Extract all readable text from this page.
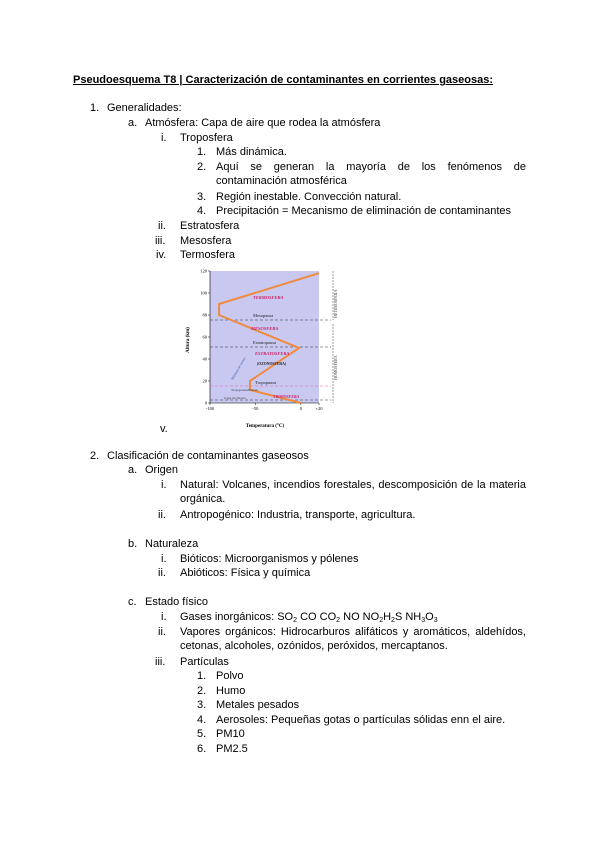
Pseudoesquema T8 | Caracterización de contaminantes en corrientes gaseosas:
1. Generalidades:
a. Atmósfera: Capa de aire que rodea la atmósfera
i. Troposfera
1. Más dinámica.
2. Aquí se generan la mayoría de los fenómenos de contaminación atmosférica
3. Región inestable. Convección natural.
4. Precipitación = Mecanismo de eliminación de contaminantes
ii. Estratosfera
iii. Mesosfera
iv. Termosfera
0
20
40
60
80
100
120
-100	-50	0	+20
TERMOSFERA
Mesopausa
MESOSFERA
Estratopausa
ESTRATOSFERA
(OZONOSFERA)
Tropopausa
Tropopausa/Estrato
TROPOSFERA
Capa de Ozono
Máximo de ozono
HETEROSFERA
HOMOSFERA
Altura (km)
Temperatura (°C)
v.
2. Clasificación de contaminantes gaseosos
a. Origen
i. Natural: Volcanes, incendios forestales, descomposición de la materia orgánica.
ii. Antropogénico: Industria, transporte, agricultura.
b. Naturaleza
i. Bióticos: Microorganismos y pólenes
ii. Abióticos: Física y química
c. Estado físico
i. Gases inorgánicos: $SO_2$ CO $CO_2$ NO $NO_2H_2S$ $NH_3O_3$
ii. Vapores orgánicos: Hidrocarburos alifáticos y aromáticos, aldehídos, cetonas, alcoholes, ozónidos, peróxidos, mercaptanos.
iii. Partículas
1. Polvo
2. Humo
3. Metales pesados
4. Aerosoles: Pequeñas gotas o partículas sólidas enn el aire.
5. PM10
6. PM2.5
